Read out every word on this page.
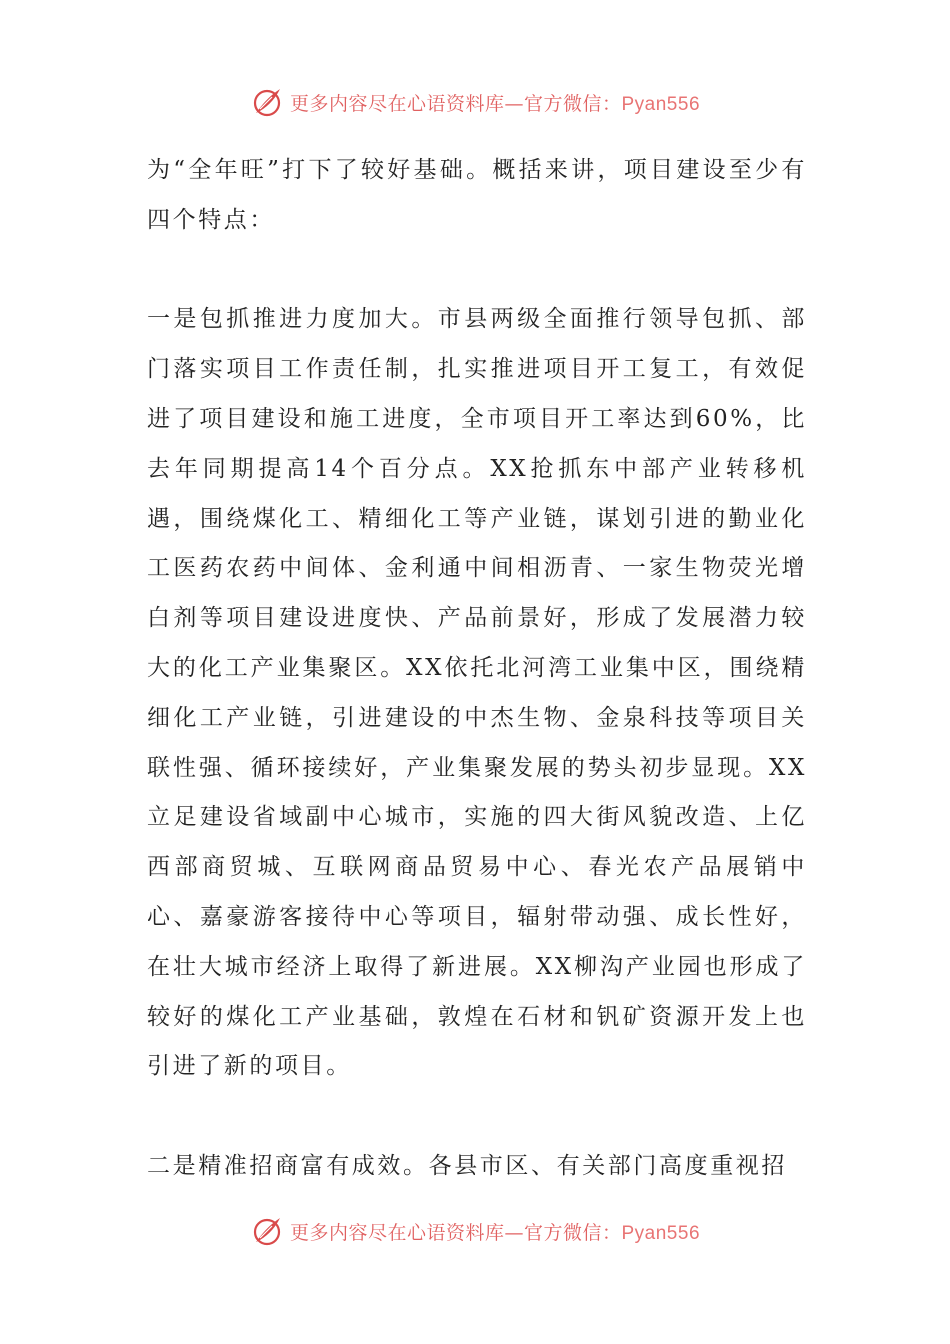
更多内容尽在心语资料库—官方微信：Pyan556

为“全年旺”打下了较好基础。概括来讲，项目建设至少有四个特点：

一是包抓推进力度加大。市县两级全面推行领导包抓、部门落实项目工作责任制，扎实推进项目开工复工，有效促进了项目建设和施工进度，全市项目开工率达到60%，比去年同期提高14个百分点。XX抢抓东中部产业转移机遇，围绕煤化工、精细化工等产业链，谋划引进的勤业化工医药农药中间体、金利通中间相沥青、一家生物荧光增白剂等项目建设进度快、产品前景好，形成了发展潜力较大的化工产业集聚区。XX依托北河湾工业集中区，围绕精细化工产业链，引进建设的中杰生物、金泉科技等项目关联性强、循环接续好，产业集聚发展的势头初步显现。XX立足建设省域副中心城市，实施的四大街风貌改造、上亿西部商贸城、互联网商品贸易中心、春光农产品展销中心、嘉豪游客接待中心等项目，辐射带动强、成长性好，在壮大城市经济上取得了新进展。XX柳沟产业园也形成了较好的煤化工产业基础，敦煌在石材和钒矿资源开发上也引进了新的项目。

二是精准招商富有成效。各县市区、有关部门高度重视招

更多内容尽在心语资料库—官方微信：Pyan556
